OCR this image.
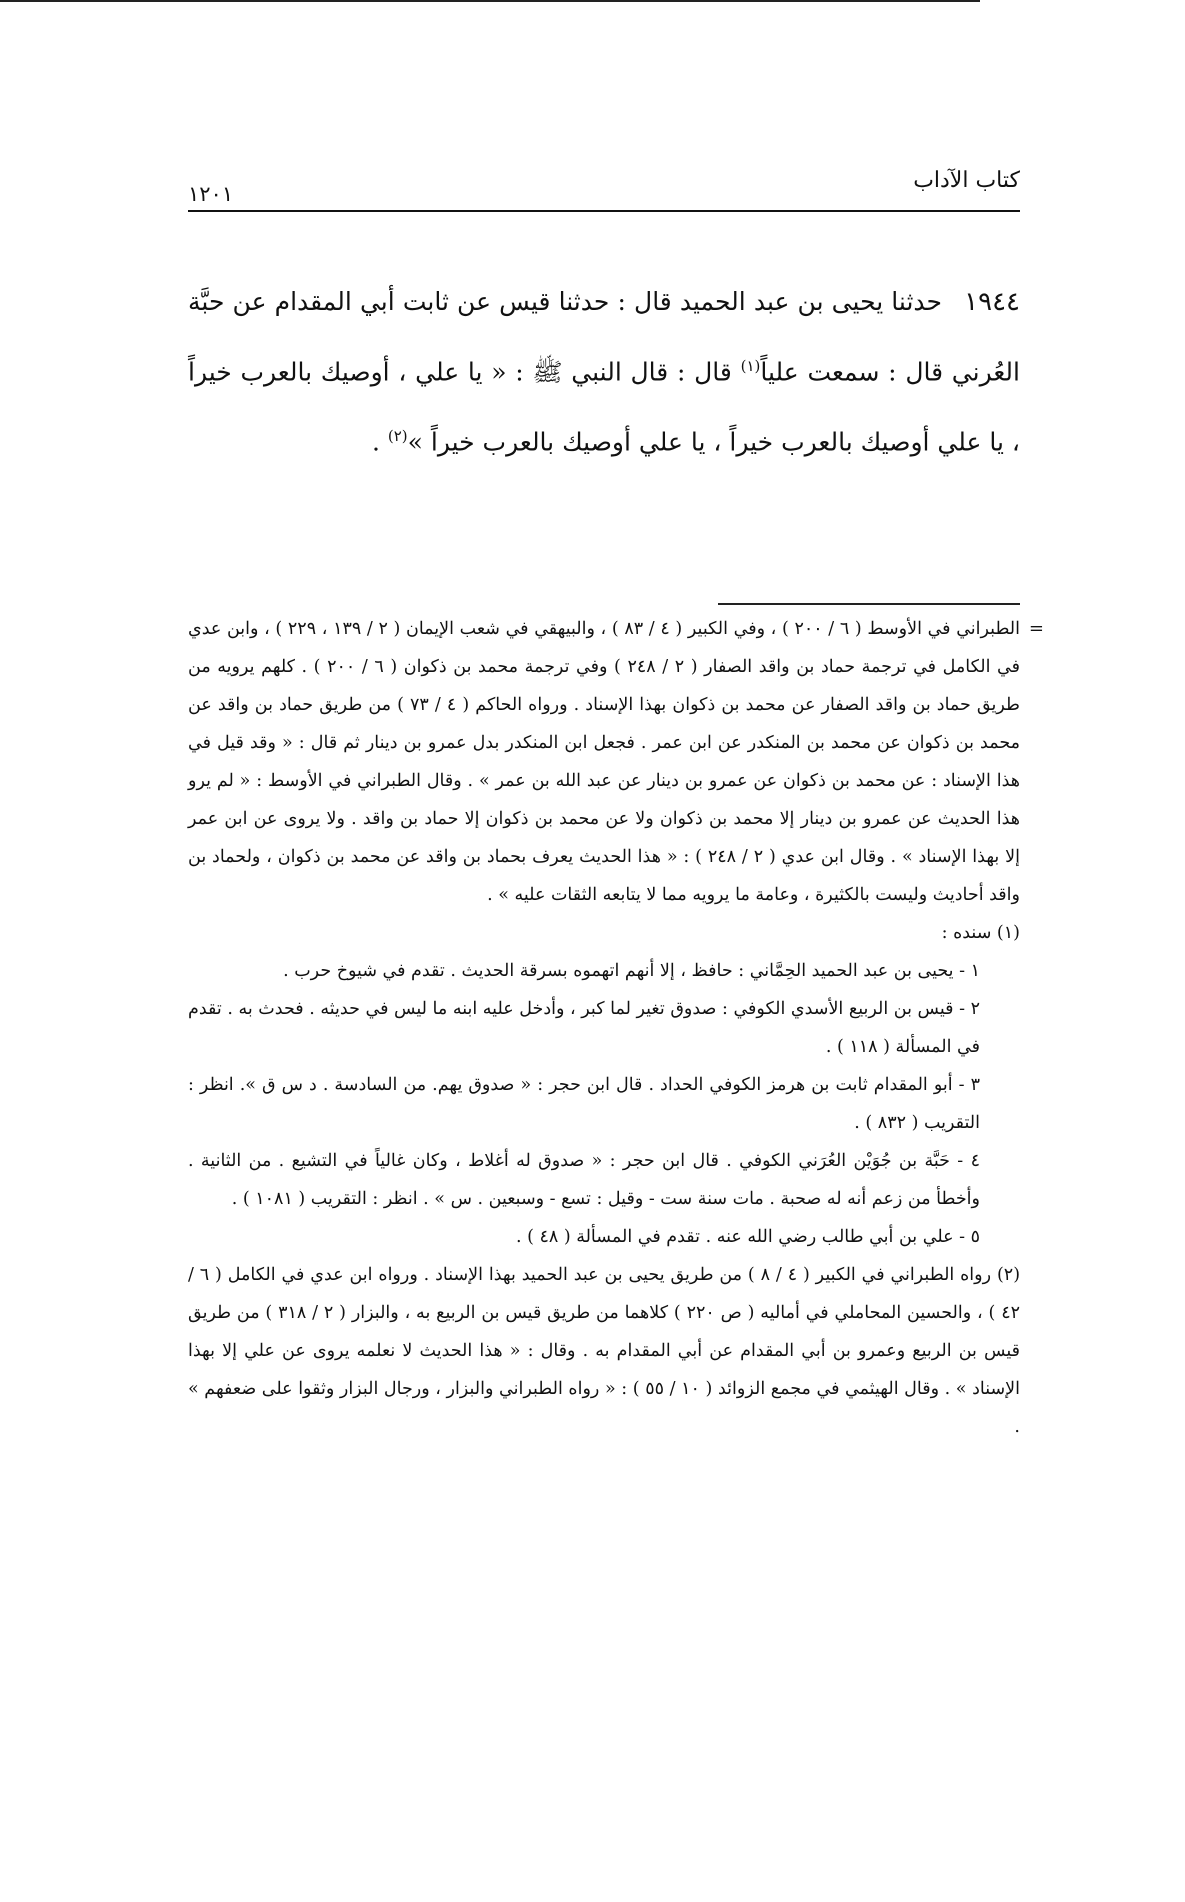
كتاب الآداب
١٢٠١
١٩٤٤ حدثنا يحيى بن عبد الحميد قال : حدثنا قيس عن ثابت أبي المقدام عن حبَّة العُرني قال : سمعت علياً$^{(١)}$ قال : قال النبي ﷺ : « يا علي ، أوصيك بالعرب خيراً ، يا علي أوصيك بالعرب خيراً ، يا علي أوصيك بالعرب خيراً »$^{(٢)}$ .

=
الطبراني في الأوسط ( ٦ / ٢٠٠ ) ، وفي الكبير ( ٤ / ٨٣ ) ، والبيهقي في شعب الإيمان ( ٢ / ١٣٩ ، ٢٢٩ ) ، وابن عدي في الكامل في ترجمة حماد بن واقد الصفار ( ٢ / ٢٤٨ ) وفي ترجمة محمد بن ذكوان ( ٦ / ٢٠٠ ) . كلهم يرويه من طريق حماد بن واقد الصفار عن محمد بن ذكوان بهذا الإسناد . ورواه الحاكم ( ٤ / ٧٣ ) من طريق حماد بن واقد عن محمد بن ذكوان عن محمد بن المنكدر عن ابن عمر . فجعل ابن المنكدر بدل عمرو بن دينار ثم قال : « وقد قيل في هذا الإسناد : عن محمد بن ذكوان عن عمرو بن دينار عن عبد الله بن عمر » . وقال الطبراني في الأوسط : « لم يرو هذا الحديث عن عمرو بن دينار إلا محمد بن ذكوان ولا عن محمد بن ذكوان إلا حماد بن واقد . ولا يروى عن ابن عمر إلا بهذا الإسناد » . وقال ابن عدي ( ٢ / ٢٤٨ ) : « هذا الحديث يعرف بحماد بن واقد عن محمد بن ذكوان ، ولحماد بن واقد أحاديث وليست بالكثيرة ، وعامة ما يرويه مما لا يتابعه الثقات عليه » .

(١) سنده :

١ - يحيى بن عبد الحميد الحِمَّاني : حافظ ، إلا أنهم اتهموه بسرقة الحديث . تقدم في شيوخ حرب .

٢ - قيس بن الربيع الأسدي الكوفي : صدوق تغير لما كبر ، وأدخل عليه ابنه ما ليس في حديثه . فحدث به . تقدم في المسألة ( ١١٨ ) .

٣ - أبو المقدام ثابت بن هرمز الكوفي الحداد . قال ابن حجر : « صدوق يهم. من السادسة . د س ق ». انظر : التقريب ( ٨٣٢ ) .

٤ - حَبَّة بن جُوَيْن العُرَني الكوفي . قال ابن حجر : « صدوق له أغلاط ، وكان غالياً في التشيع . من الثانية . وأخطأ من زعم أنه له صحبة . مات سنة ست - وقيل : تسع - وسبعين . س » . انظر : التقريب ( ١٠٨١ ) .

٥ - علي بن أبي طالب رضي الله عنه . تقدم في المسألة ( ٤٨ ) .

(٢) رواه الطبراني في الكبير ( ٤ / ٨ ) من طريق يحيى بن عبد الحميد بهذا الإسناد . ورواه ابن عدي في الكامل ( ٦ / ٤٢ ) ، والحسين المحاملي في أماليه ( ص ٢٢٠ ) كلاهما من طريق قيس بن الربيع به ، والبزار ( ٢ / ٣١٨ ) من طريق قيس بن الربيع وعمرو بن أبي المقدام عن أبي المقدام به . وقال : « هذا الحديث لا نعلمه يروى عن علي إلا بهذا الإسناد » . وقال الهيثمي في مجمع الزوائد ( ١٠ / ٥٥ ) : « رواه الطبراني والبزار ، ورجال البزار وثقوا على ضعفهم » .
